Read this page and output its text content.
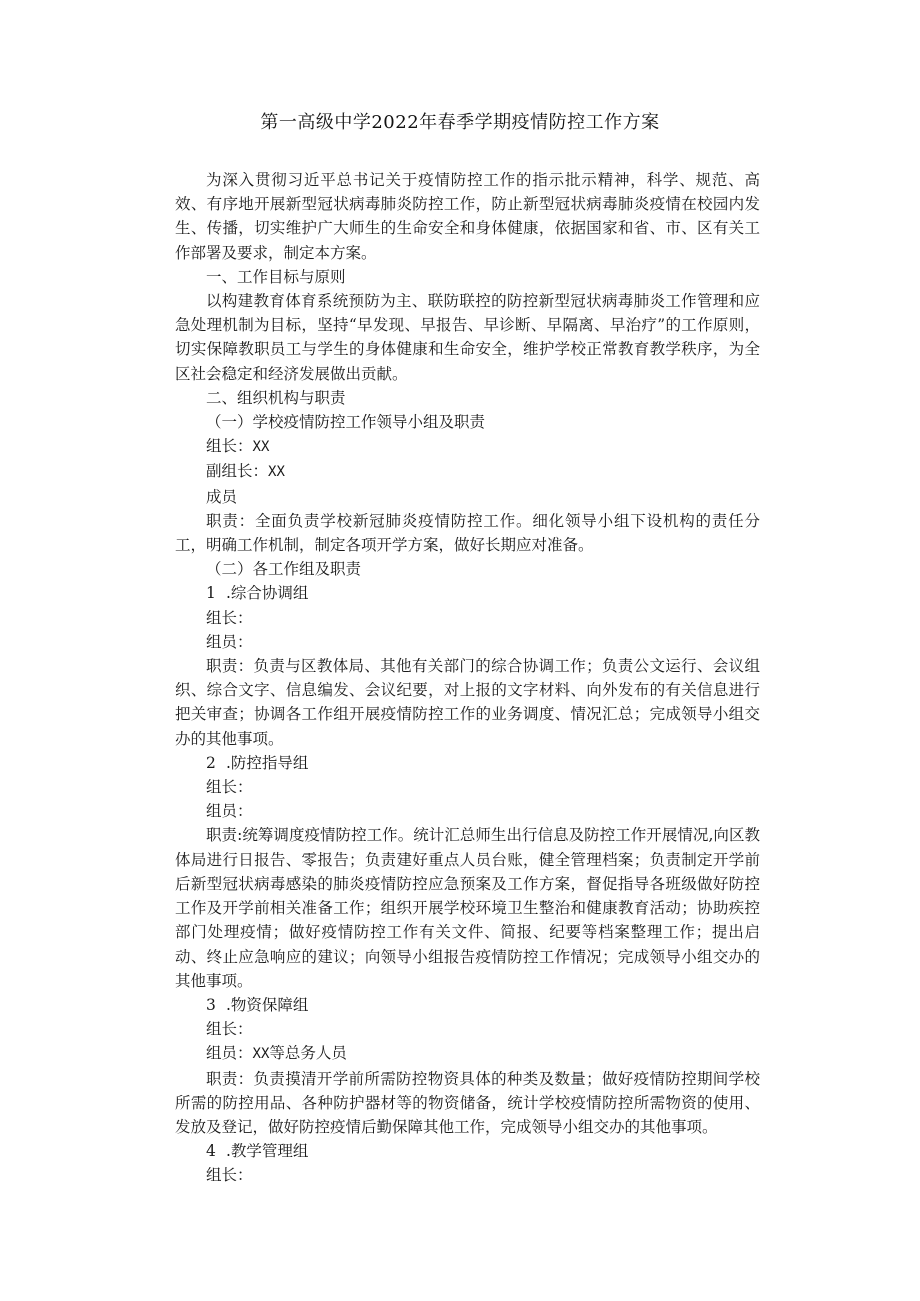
第一高级中学2022年春季学期疫情防控工作方案

为深入贯彻习近平总书记关于疫情防控工作的指示批示精神，科学、规范、高效、有序地开展新型冠状病毒肺炎防控工作，防止新型冠状病毒肺炎疫情在校园内发生、传播，切实维护广大师生的生命安全和身体健康，依据国家和省、市、区有关工作部署及要求，制定本方案。

一、工作目标与原则

以构建教育体育系统预防为主、联防联控的防控新型冠状病毒肺炎工作管理和应急处理机制为目标，坚持“早发现、早报告、早诊断、早隔离、早治疗”的工作原则，切实保障教职员工与学生的身体健康和生命安全，维护学校正常教育教学秩序，为全区社会稳定和经济发展做出贡献。

二、组织机构与职责

（一）学校疫情防控工作领导小组及职责

组长：XX

副组长：XX

成员

职责：全面负责学校新冠肺炎疫情防控工作。细化领导小组下设机构的责任分工，明确工作机制，制定各项开学方案，做好长期应对准备。

（二）各工作组及职责

1 .综合协调组

组长：

组员：

职责：负责与区教体局、其他有关部门的综合协调工作；负责公文运行、会议组织、综合文字、信息编发、会议纪要，对上报的文字材料、向外发布的有关信息进行把关审查；协调各工作组开展疫情防控工作的业务调度、情况汇总；完成领导小组交办的其他事项。

2 .防控指导组

组长：

组员：

职责:统筹调度疫情防控工作。统计汇总师生出行信息及防控工作开展情况,向区教体局进行日报告、零报告；负责建好重点人员台账，健全管理档案；负责制定开学前后新型冠状病毒感染的肺炎疫情防控应急预案及工作方案，督促指导各班级做好防控工作及开学前相关准备工作；组织开展学校环境卫生整治和健康教育活动；协助疾控部门处理疫情；做好疫情防控工作有关文件、简报、纪要等档案整理工作；提出启动、终止应急响应的建议；向领导小组报告疫情防控工作情况；完成领导小组交办的其他事项。

3 .物资保障组

组长：

组员：XX等总务人员

职责：负责摸清开学前所需防控物资具体的种类及数量；做好疫情防控期间学校所需的防控用品、各种防护器材等的物资储备，统计学校疫情防控所需物资的使用、发放及登记，做好防控疫情后勤保障其他工作，完成领导小组交办的其他事项。

4 .教学管理组

组长：
